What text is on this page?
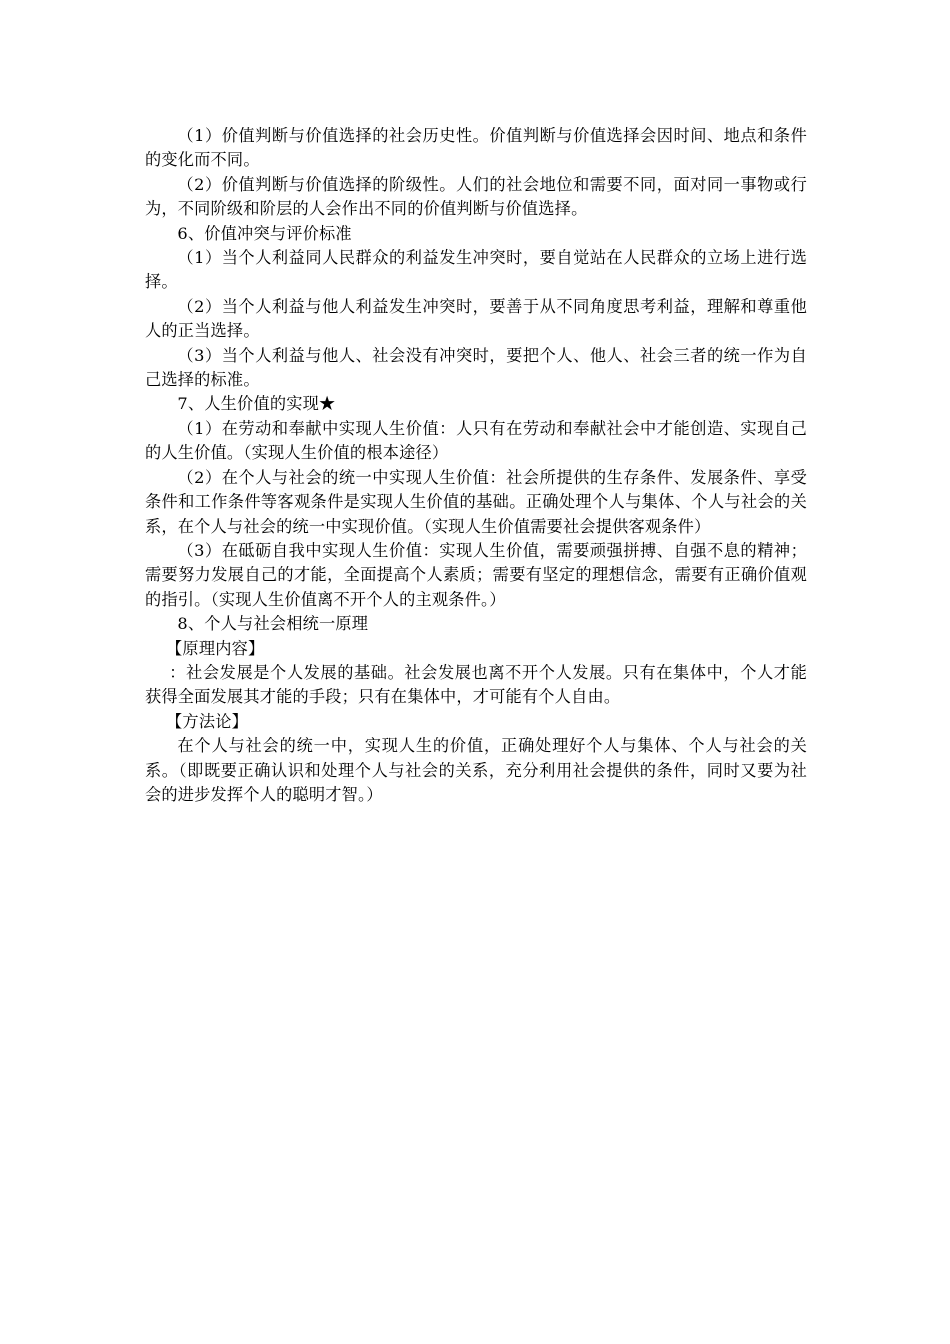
（1）价值判断与价值选择的社会历史性。价值判断与价值选择会因时间、地点和条件的变化而不同。

（2）价值判断与价值选择的阶级性。人们的社会地位和需要不同，面对同一事物或行为，不同阶级和阶层的人会作出不同的价值判断与价值选择。

6、价值冲突与评价标准

（1）当个人利益同人民群众的利益发生冲突时，要自觉站在人民群众的立场上进行选择。

（2）当个人利益与他人利益发生冲突时，要善于从不同角度思考利益，理解和尊重他人的正当选择。

（3）当个人利益与他人、社会没有冲突时，要把个人、他人、社会三者的统一作为自己选择的标准。

7、人生价值的实现★

（1）在劳动和奉献中实现人生价值：人只有在劳动和奉献社会中才能创造、实现自己的人生价值。（实现人生价值的根本途径）

（2）在个人与社会的统一中实现人生价值：社会所提供的生存条件、发展条件、享受条件和工作条件等客观条件是实现人生价值的基础。正确处理个人与集体、个人与社会的关系，在个人与社会的统一中实现价值。（实现人生价值需要社会提供客观条件）

（3）在砥砺自我中实现人生价值：实现人生价值，需要顽强拼搏、自强不息的精神；需要努力发展自己的才能，全面提高个人素质；需要有坚定的理想信念，需要有正确价值观的指引。（实现人生价值离不开个人的主观条件。）

8、个人与社会相统一原理

【原理内容】

：社会发展是个人发展的基础。社会发展也离不开个人发展。只有在集体中，个人才能获得全面发展其才能的手段；只有在集体中，才可能有个人自由。

【方法论】

在个人与社会的统一中，实现人生的价值，正确处理好个人与集体、个人与社会的关系。（即既要正确认识和处理个人与社会的关系，充分利用社会提供的条件，同时又要为社会的进步发挥个人的聪明才智。）
